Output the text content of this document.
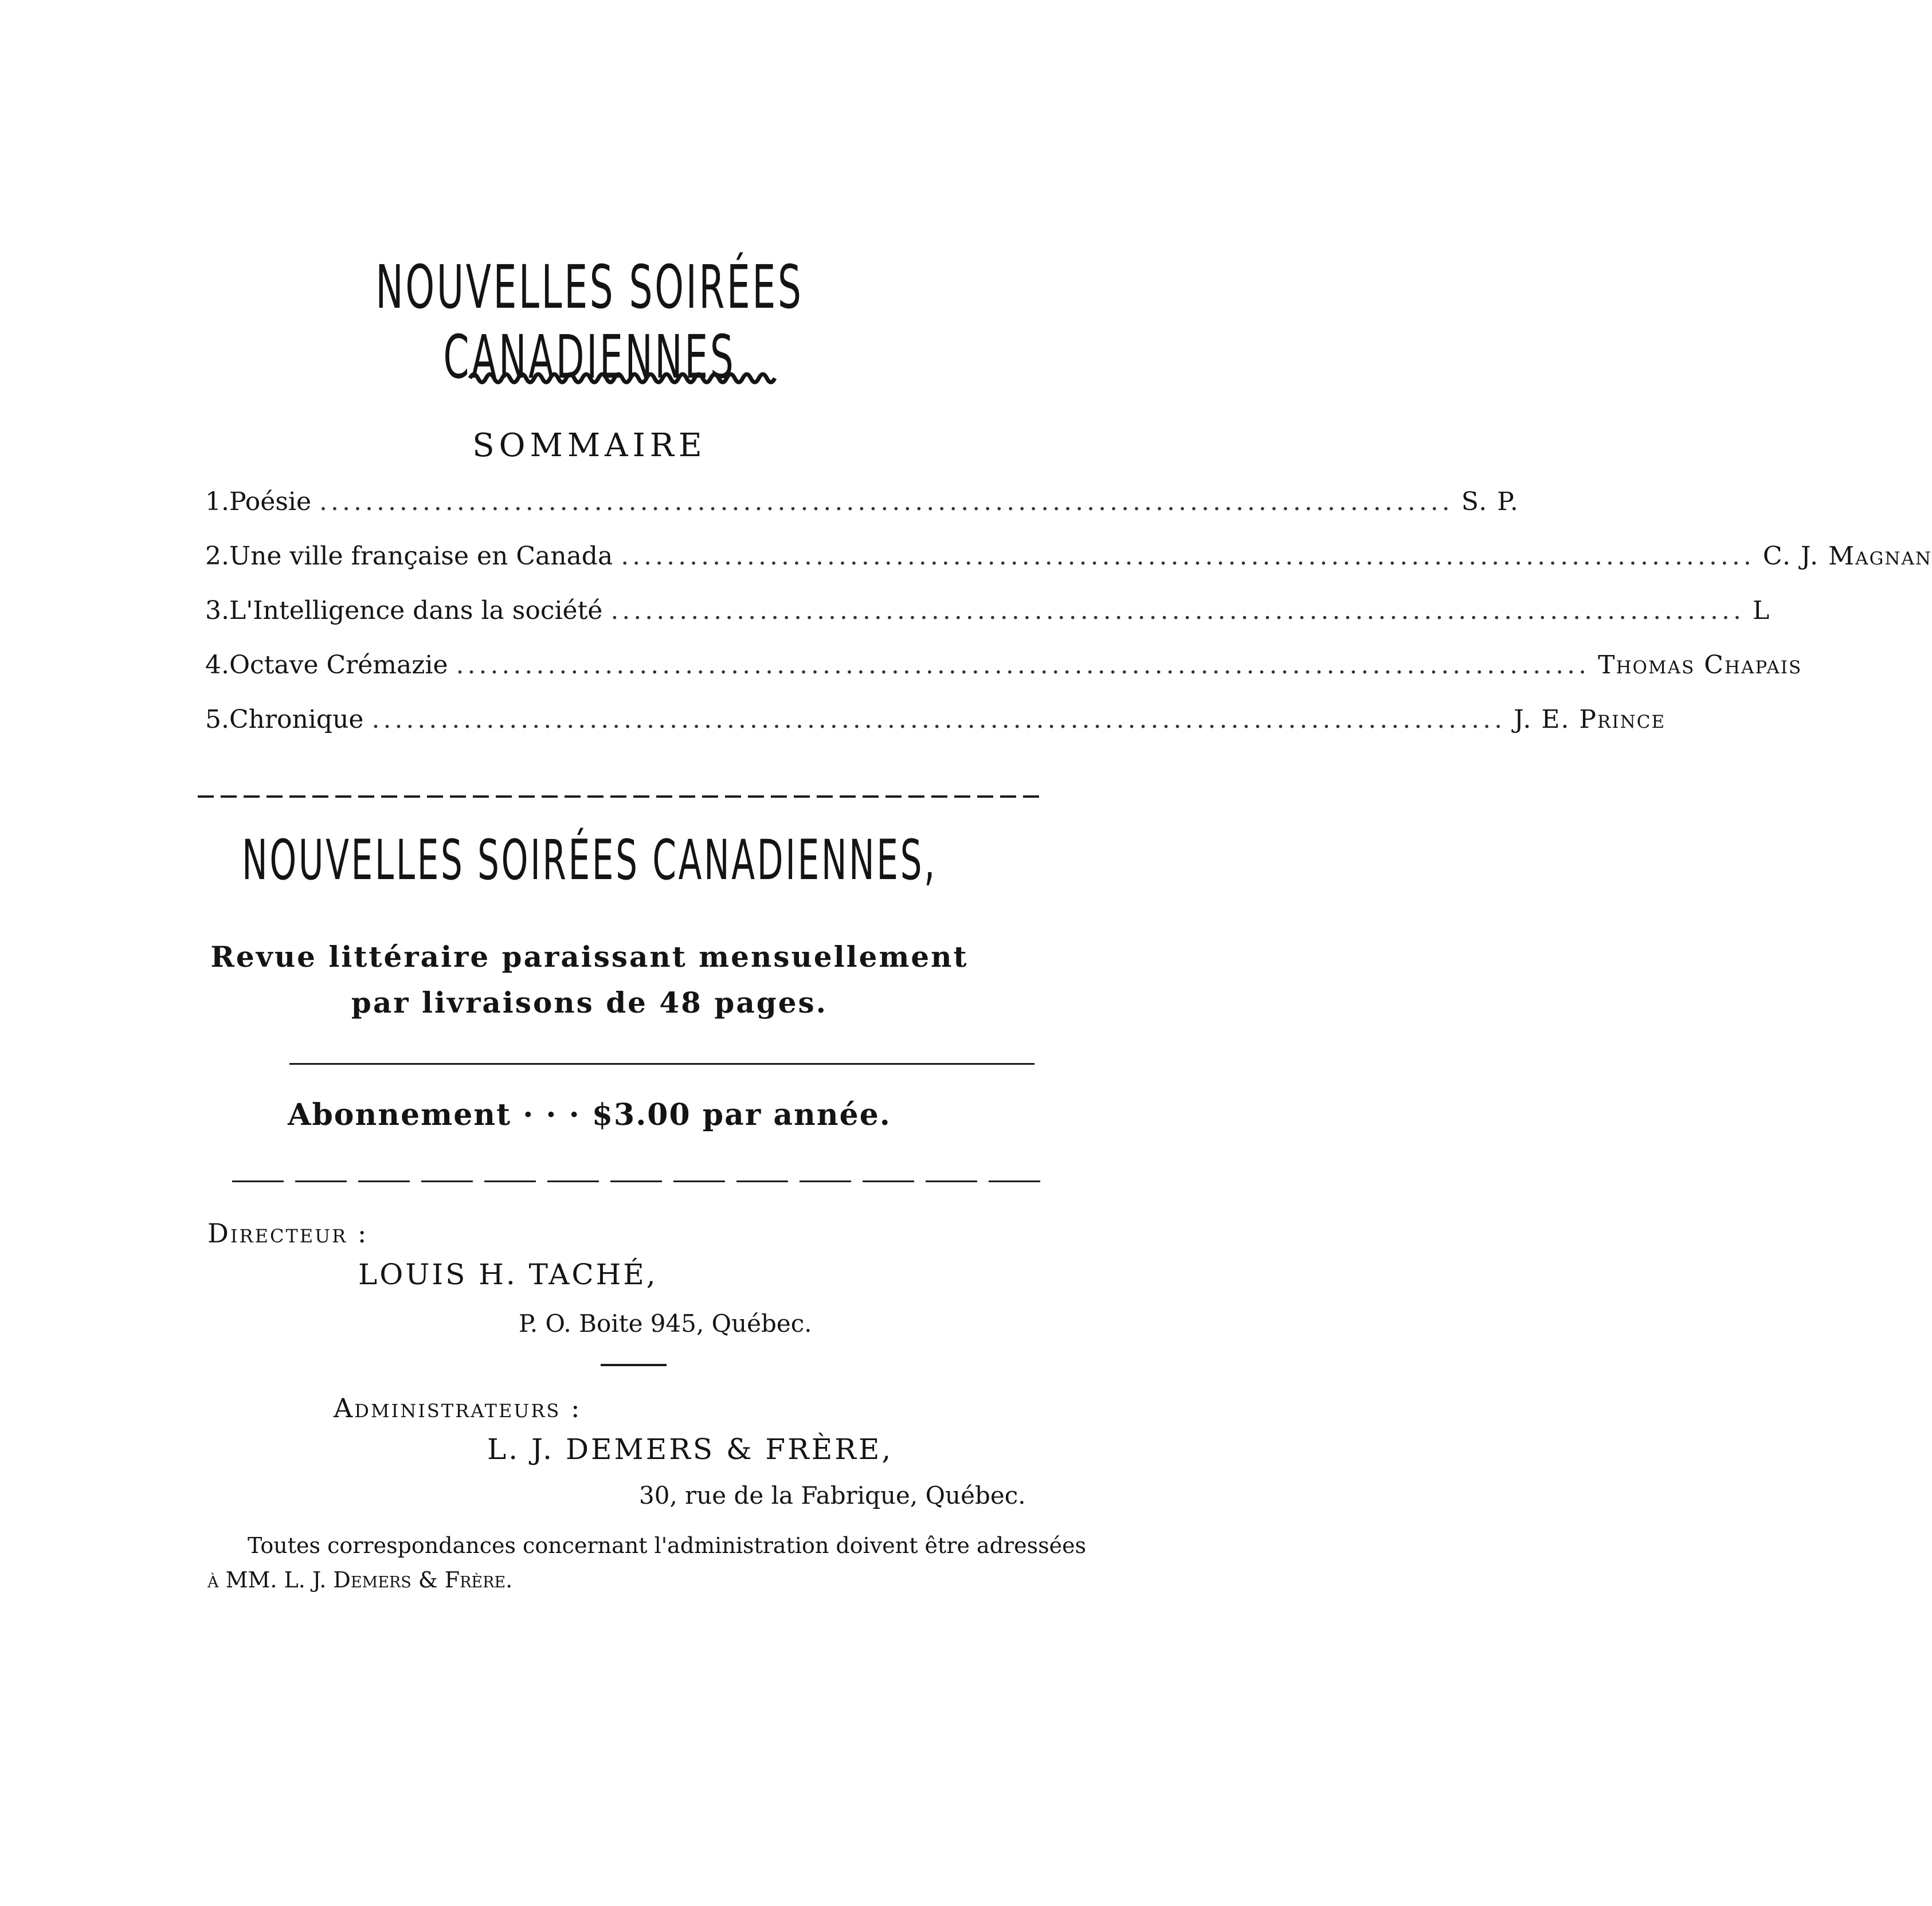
NOUVELLES SOIRÉES CANADIENNES
SOMMAIRE
1. Poésie ................................................................................................... S. P.
2. Une ville française en Canada ................................................................................................... C. J. Magnan
3. L'Intelligence dans la société ................................................................................................... L
4. Octave Crémazie ................................................................................................... Thomas Chapais
5. Chronique ................................................................................................... J. E. Prince
NOUVELLES SOIRÉES CANADIENNES,
Revue littéraire paraissant mensuellement
par livraisons de 48 pages.
Abonnement · · · $3.00 par année.
Directeur :
LOUIS H. TACHÉ,
P. O. Boite 945, Québec.
Administrateurs :
L. J. DEMERS & FRÈRE,
30, rue de la Fabrique, Québec.
Toutes correspondances concernant l'administration doivent être adressées
à MM. L. J. Demers & Frère.
